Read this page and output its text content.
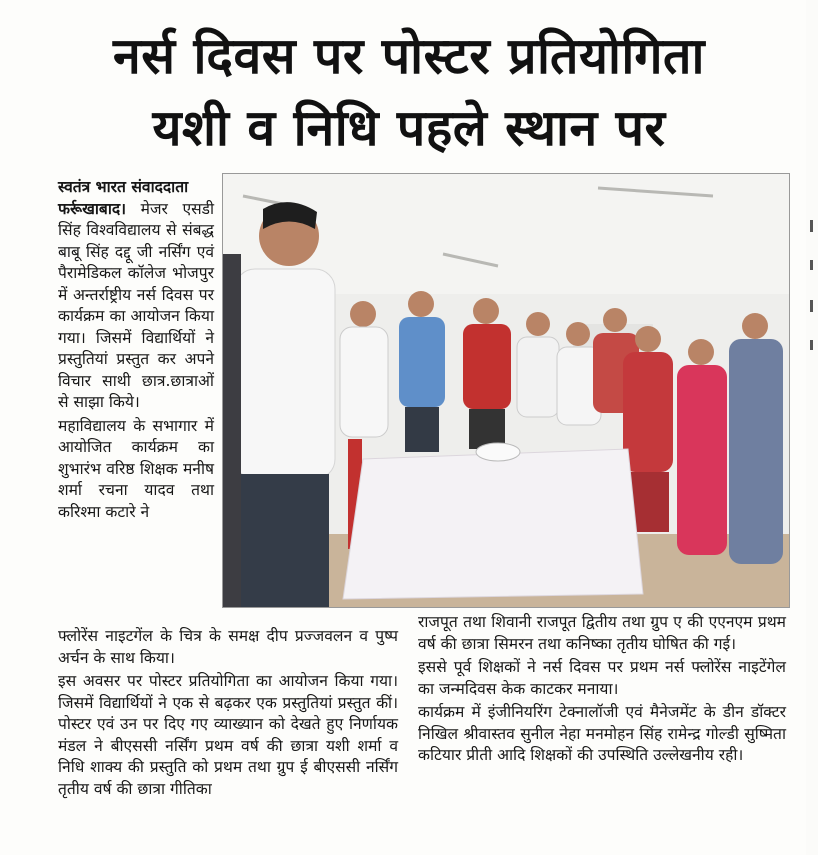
नर्स दिवस पर पोस्टर प्रतियोगिता
यशी व निधि पहले स्थान पर
स्वतंत्र भारत संवाददाता

फर्रूखाबाद। मेजर एसडी सिंह विश्वविद्यालय से संबद्ध बाबू सिंह दद्दू जी नर्सिंग एवं पैरामेडिकल कॉलेज भोजपुर में अन्तर्राष्ट्रीय नर्स दिवस पर कार्यक्रम का आयोजन किया गया। जिसमें विद्यार्थियों ने प्रस्तुतियां प्रस्तुत कर अपने विचार साथी छात्र.छात्राओं से साझा किये।

महाविद्यालय के सभागार में आयोजित कार्यक्रम का शुभारंभ वरिष्ठ शिक्षक मनीष शर्मा रचना यादव तथा करिश्मा कटारे ने

फ्लोरेंस नाइटगेंल के चित्र के समक्ष दीप प्रज्जवलन व पुष्प अर्चन के साथ किया।

इस अवसर पर पोस्टर प्रतियोगिता का आयोजन किया गया। जिसमें विद्यार्थियों ने एक से बढ़कर एक प्रस्तुतियां प्रस्तुत कीं। पोस्टर एवं उन पर दिए गए व्याख्यान को देखते हुए निर्णायक मंडल ने बीएससी नर्सिंग प्रथम वर्ष की छात्रा यशी शर्मा व निधि शाक्य की प्रस्तुति को प्रथम तथा ग्रुप ई बीएससी नर्सिंग तृतीय वर्ष की छात्रा गीतिका

राजपूत तथा शिवानी राजपूत द्वितीय तथा ग्रुप ए की एएनएम प्रथम वर्ष की छात्रा सिमरन तथा कनिष्का तृतीय घोषित की गई।

इससे पूर्व शिक्षकों ने नर्स दिवस पर प्रथम नर्स फ्लोरेंस नाइटेंगेल का जन्मदिवस केक काटकर मनाया।

कार्यक्रम में इंजीनियरिंग टेक्नालॉजी एवं मैनेजमेंट के डीन डॉक्टर निखिल श्रीवास्तव सुनील नेहा मनमोहन सिंह रामेन्द्र गोल्डी सुष्मिता कटियार प्रीती आदि शिक्षकों की उपस्थिति उल्लेखनीय रही।
